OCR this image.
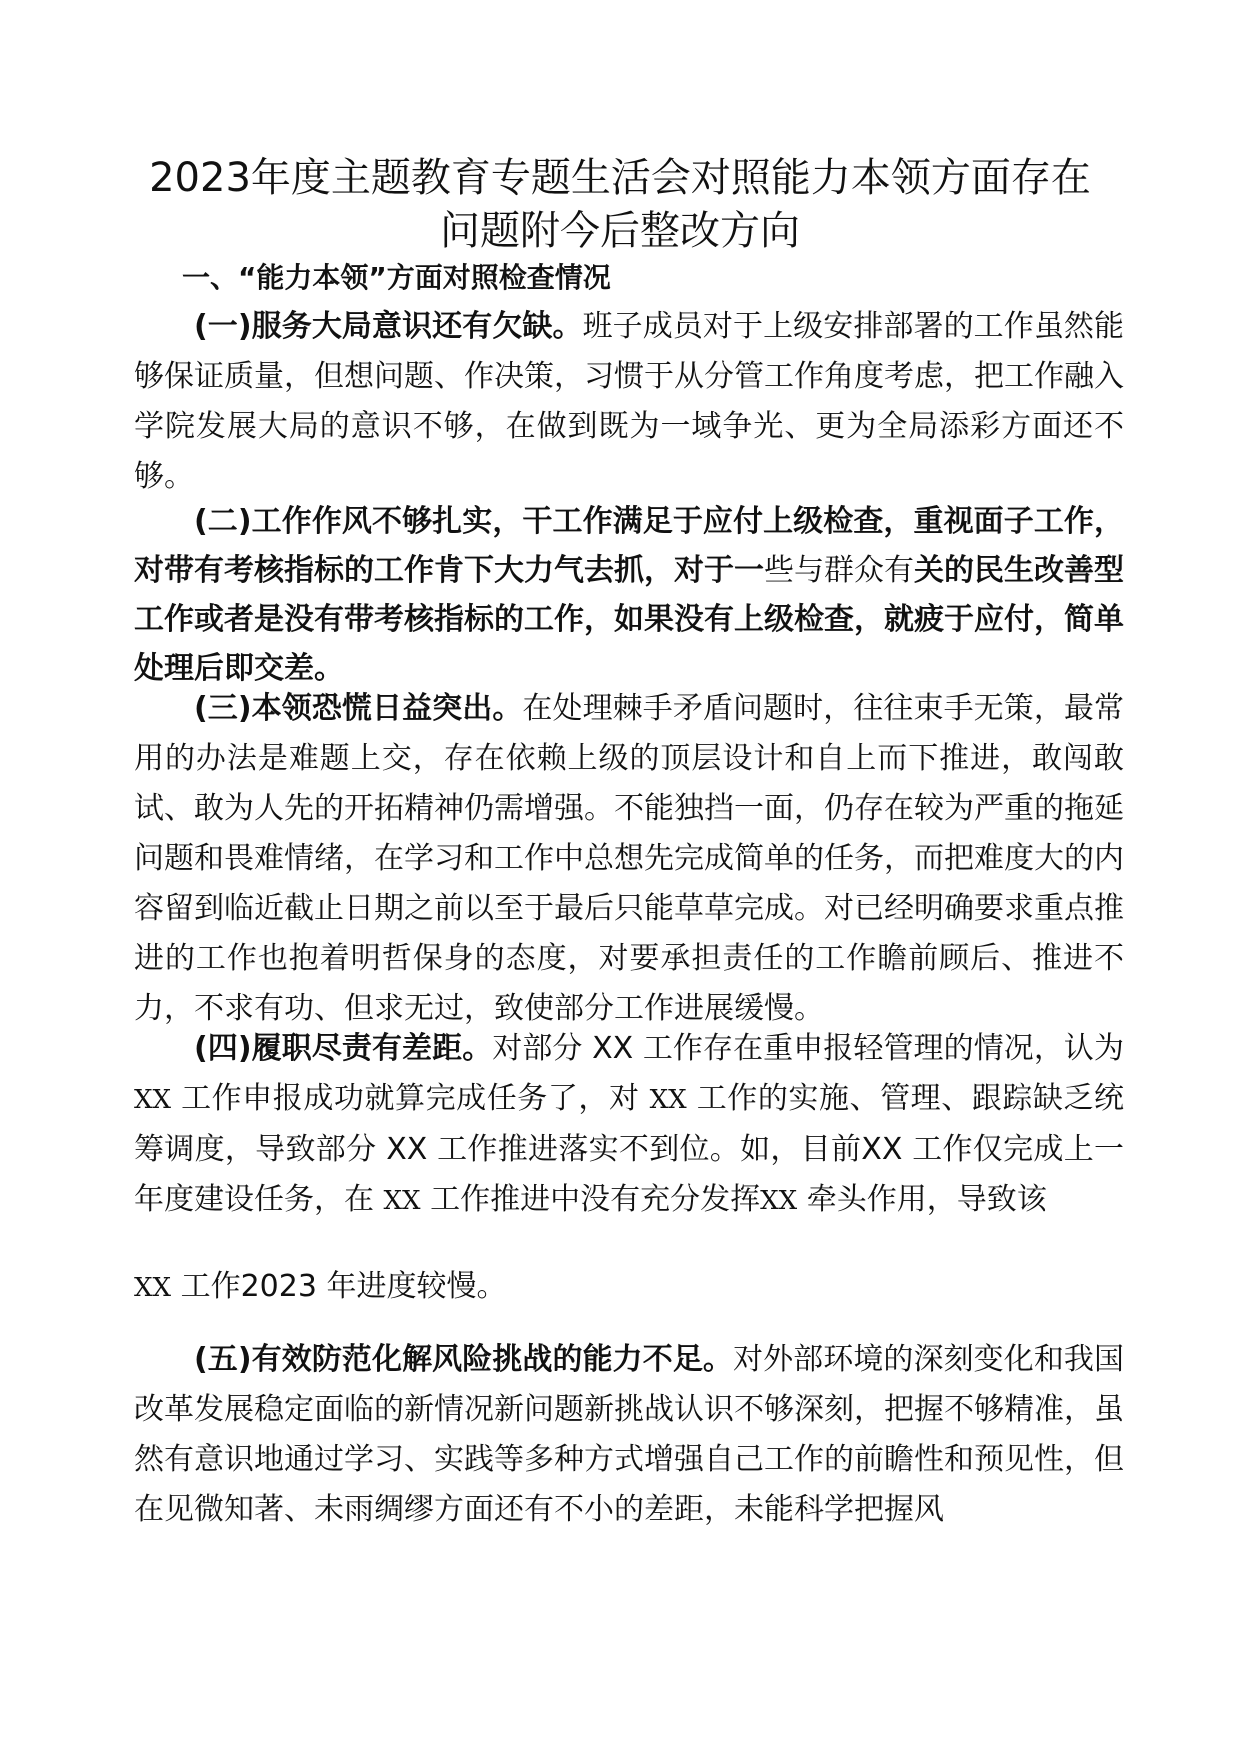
2023年度主题教育专题生活会对照能力本领方面存在
问题附今后整改方向
一、“能力本领”方面对照检查情况

(一)服务大局意识还有欠缺。班子成员对于上级安排部署的工作虽然能够保证质量，但想问题、作决策，习惯于从分管工作角度考虑，把工作融入学院发展大局的意识不够，在做到既为一域争光、更为全局添彩方面还不够。

(二)工作作风不够扎实，干工作满足于应付上级检查，重视面子工作，对带有考核指标的工作肯下大力气去抓，对于一些与群众有关的民生改善型工作或者是没有带考核指标的工作，如果没有上级检查，就疲于应付，简单处理后即交差。

(三)本领恐慌日益突出。在处理棘手矛盾问题时，往往束手无策，最常用的办法是难题上交，存在依赖上级的顶层设计和自上而下推进，敢闯敢试、敢为人先的开拓精神仍需增强。不能独挡一面，仍存在较为严重的拖延问题和畏难情绪，在学习和工作中总想先完成简单的任务，而把难度大的内容留到临近截止日期之前以至于最后只能草草完成。对已经明确要求重点推进的工作也抱着明哲保身的态度，对要承担责任的工作瞻前顾后、推进不力，不求有功、但求无过，致使部分工作进展缓慢。

(四)履职尽责有差距。对部分 XX 工作存在重申报轻管理的情况，认为XX 工作申报成功就算完成任务了，对 XX 工作的实施、管理、跟踪缺乏统筹调度，导致部分 XX 工作推进落实不到位。如，目前XX 工作仅完成上一年度建设任务，在 XX 工作推进中没有充分发挥XX 牵头作用，导致该

XX 工作2023 年进度较慢。

(五)有效防范化解风险挑战的能力不足。对外部环境的深刻变化和我国改革发展稳定面临的新情况新问题新挑战认识不够深刻，把握不够精准，虽然有意识地通过学习、实践等多种方式增强自己工作的前瞻性和预见性，但在见微知著、未雨绸缪方面还有不小的差距，未能科学把握风
